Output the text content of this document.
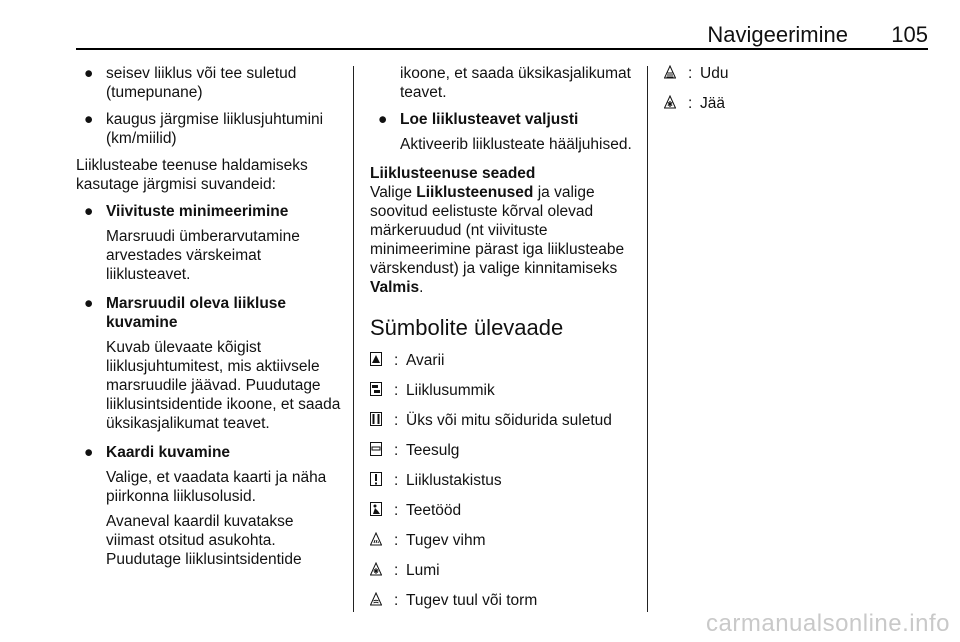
Navigeerimine 105
● seisev liiklus või tee suletud (tumepunane)

● kaugus järgmise liiklusjuhtumini (km/miilid)

Liiklusteabe teenuse haldamiseks kasutage järgmisi suvandeid:

● Viivituste minimeerimine

Marsruudi ümberarvutamine arvestades värskeimat liiklusteavet.

● Marsruudil oleva liikluse kuvamine

Kuvab ülevaate kõigist liiklusjuhtumitest, mis aktiivsele marsruudile jäävad. Puudutage liiklusintsidentide ikoone, et saada üksikasjalikumat teavet.

● Kaardi kuvamine

Valige, et vaadata kaarti ja näha piirkonna liiklusolusid.

Avaneval kaardil kuvatakse viimast otsitud asukohta. Puudutage liiklusintsidentide

ikoone, et saada üksikasjalikumat teavet.

● Loe liiklusteavet valjusti

Aktiveerib liiklusteate hääljuhised.

Liiklusteenuse seaded

Valige Liiklusteenused ja valige soovitud eelistuste kõrval olevad märkeruudud (nt viivituste minimeerimine pärast iga liiklusteabe värskendust) ja valige kinnitamiseks Valmis.

Sümbolite ülevaade
: Avarii
: Liiklusummik
: Üks või mitu sõidurida suletud
: Teesulg
: Liiklustakistus
: Teetööd
: Tugev vihm
: Lumi
: Tugev tuul või torm
: Udu
: Jää
carmanualsonline.info
